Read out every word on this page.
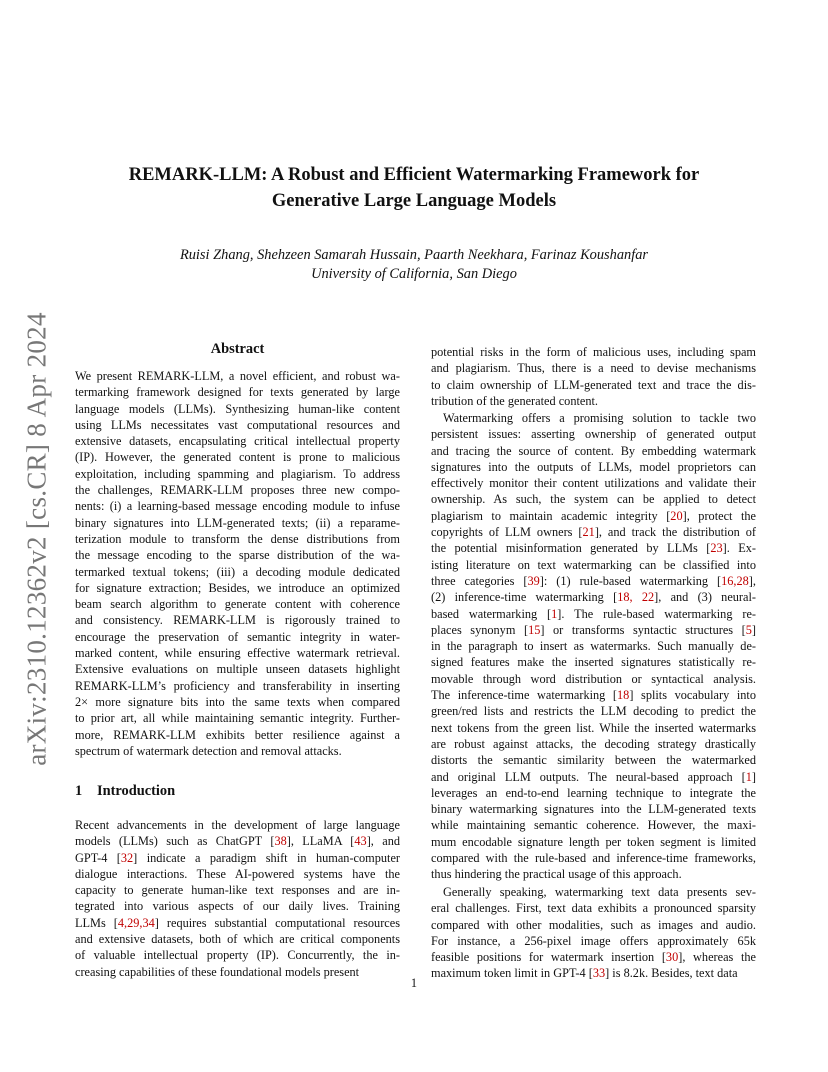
arXiv:2310.12362v2 [cs.CR] 8 Apr 2024
REMARK-LLM: A Robust and Efficient Watermarking Framework for
Generative Large Language Models
Ruisi Zhang, Shehzeen Samarah Hussain, Paarth Neekhara, Farinaz Koushanfar
University of California, San Diego
Abstract

We present REMARK-LLM, a novel efficient, and robust wa-
termarking framework designed for texts generated by large
language models (LLMs). Synthesizing human-like content
using LLMs necessitates vast computational resources and
extensive datasets, encapsulating critical intellectual property
(IP). However, the generated content is prone to malicious
exploitation, including spamming and plagiarism. To address
the challenges, REMARK-LLM proposes three new compo-
nents: (i) a learning-based message encoding module to infuse
binary signatures into LLM-generated texts; (ii) a reparame-
terization module to transform the dense distributions from
the message encoding to the sparse distribution of the wa-
termarked textual tokens; (iii) a decoding module dedicated
for signature extraction; Besides, we introduce an optimized
beam search algorithm to generate content with coherence
and consistency. REMARK-LLM is rigorously trained to
encourage the preservation of semantic integrity in water-
marked content, while ensuring effective watermark retrieval.
Extensive evaluations on multiple unseen datasets highlight
REMARK-LLM’s proficiency and transferability in inserting
2× more signature bits into the same texts when compared
to prior art, all while maintaining semantic integrity. Further-
more, REMARK-LLM exhibits better resilience against a
spectrum of watermark detection and removal attacks.

Recent advancements in the development of large language
models (LLMs) such as ChatGPT [38], LLaMA [43], and
GPT-4 [32] indicate a paradigm shift in human-computer
dialogue interactions. These AI-powered systems have the
capacity to generate human-like text responses and are in-
tegrated into various aspects of our daily lives. Training
LLMs [4,29,34] requires substantial computational resources
and extensive datasets, both of which are critical components
of valuable intellectual property (IP). Concurrently, the in-
creasing capabilities of these foundational models present

1 Introduction

potential risks in the form of malicious uses, including spam
and plagiarism. Thus, there is a need to devise mechanisms
to claim ownership of LLM-generated text and trace the dis-
tribution of the generated content.

Watermarking offers a promising solution to tackle two
persistent issues: asserting ownership of generated output
and tracing the source of content. By embedding watermark
signatures into the outputs of LLMs, model proprietors can
effectively monitor their content utilizations and validate their
ownership. As such, the system can be applied to detect
plagiarism to maintain academic integrity [20], protect the
copyrights of LLM owners [21], and track the distribution of
the potential misinformation generated by LLMs [23]. Ex-
isting literature on text watermarking can be classified into
three categories [39]: (1) rule-based watermarking [16,28],
(2) inference-time watermarking [18, 22], and (3) neural-
based watermarking [1]. The rule-based watermarking re-
places synonym [15] or transforms syntactic structures [5]
in the paragraph to insert as watermarks. Such manually de-
signed features make the inserted signatures statistically re-
movable through word distribution or syntactical analysis.
The inference-time watermarking [18] splits vocabulary into
green/red lists and restricts the LLM decoding to predict the
next tokens from the green list. While the inserted watermarks
are robust against attacks, the decoding strategy drastically
distorts the semantic similarity between the watermarked
and original LLM outputs. The neural-based approach [1]
leverages an end-to-end learning technique to integrate the
binary watermarking signatures into the LLM-generated texts
while maintaining semantic coherence. However, the maxi-
mum encodable signature length per token segment is limited
compared with the rule-based and inference-time frameworks,
thus hindering the practical usage of this approach.

Generally speaking, watermarking text data presents sev-
eral challenges. First, text data exhibits a pronounced sparsity
compared with other modalities, such as images and audio.
For instance, a 256-pixel image offers approximately 65k
feasible positions for watermark insertion [30], whereas the
maximum token limit in GPT-4 [33] is 8.2k. Besides, text data

1
